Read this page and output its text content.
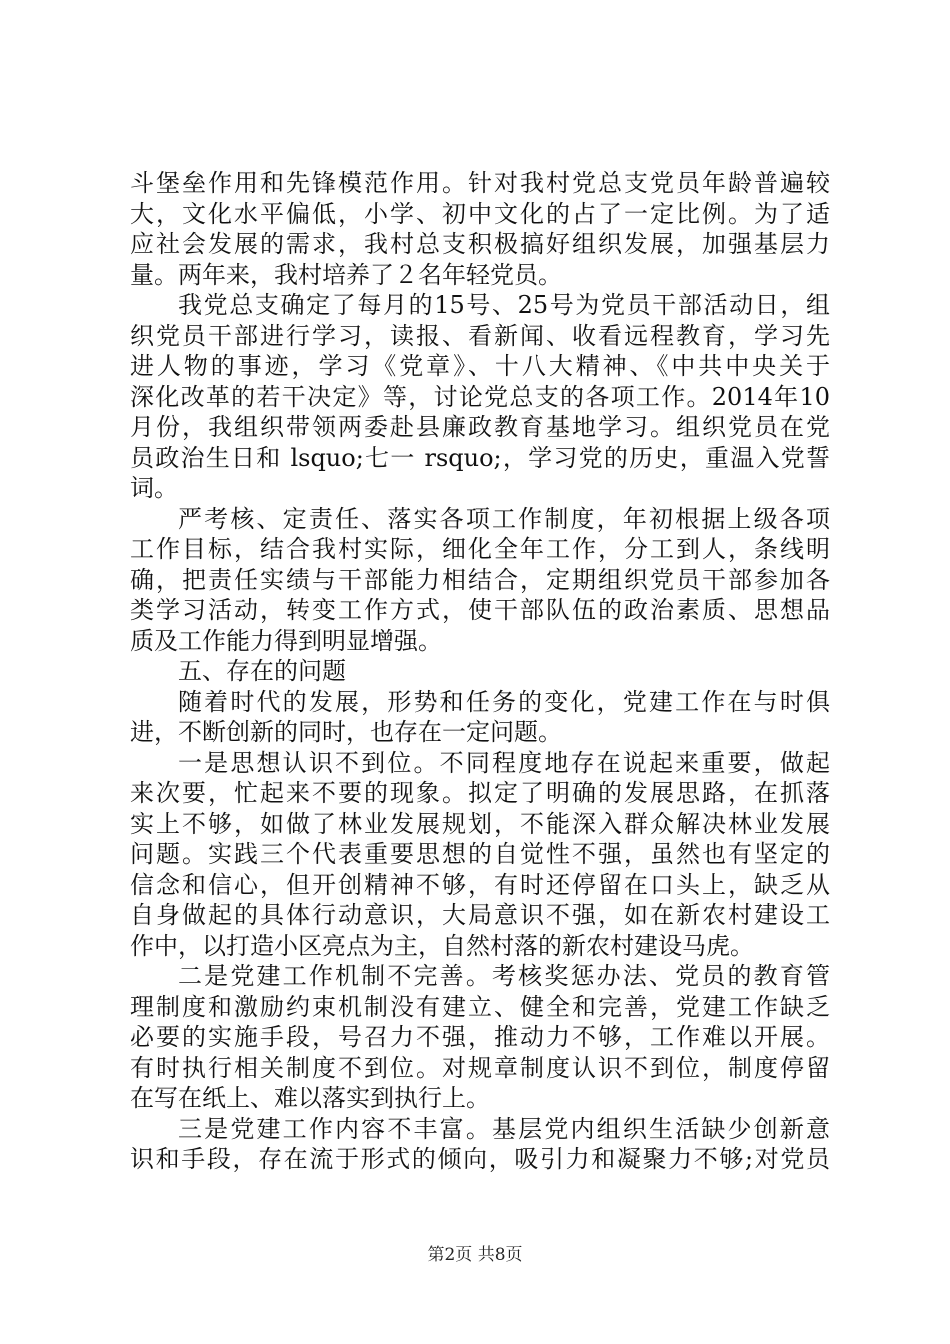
斗堡垒作用和先锋模范作用。针对我村党总支党员年龄普遍较
大，文化水平偏低，小学、初中文化的占了一定比例。为了适
应社会发展的需求，我村总支积极搞好组织发展，加强基层力
量。两年来，我村培养了２名年轻党员。
我党总支确定了每月的15号、25号为党员干部活动日，组
织党员干部进行学习，读报、看新闻、收看远程教育，学习先
进人物的事迹，学习《党章》、十八大精神、《中共中央关于
深化改革的若干决定》等，讨论党总支的各项工作。2014年10
月份，我组织带领两委赴县廉政教育基地学习。组织党员在党
员政治生日和 lsquo;七一 rsquo;，学习党的历史，重温入党誓
词。
严考核、定责任、落实各项工作制度，年初根据上级各项
工作目标，结合我村实际，细化全年工作，分工到人，条线明
确，把责任实绩与干部能力相结合，定期组织党员干部参加各
类学习活动，转变工作方式，使干部队伍的政治素质、思想品
质及工作能力得到明显增强。
五、存在的问题
随着时代的发展，形势和任务的变化，党建工作在与时俱
进，不断创新的同时，也存在一定问题。
一是思想认识不到位。不同程度地存在说起来重要，做起
来次要，忙起来不要的现象。拟定了明确的发展思路，在抓落
实上不够，如做了林业发展规划，不能深入群众解决林业发展
问题。实践三个代表重要思想的自觉性不强，虽然也有坚定的
信念和信心，但开创精神不够，有时还停留在口头上，缺乏从
自身做起的具体行动意识，大局意识不强，如在新农村建设工
作中，以打造小区亮点为主，自然村落的新农村建设马虎。
二是党建工作机制不完善。考核奖惩办法、党员的教育管
理制度和激励约束机制没有建立、健全和完善，党建工作缺乏
必要的实施手段，号召力不强，推动力不够，工作难以开展。
有时执行相关制度不到位。对规章制度认识不到位，制度停留
在写在纸上、难以落实到执行上。
三是党建工作内容不丰富。基层党内组织生活缺少创新意
识和手段，存在流于形式的倾向，吸引力和凝聚力不够;对党员
第2页 共8页
